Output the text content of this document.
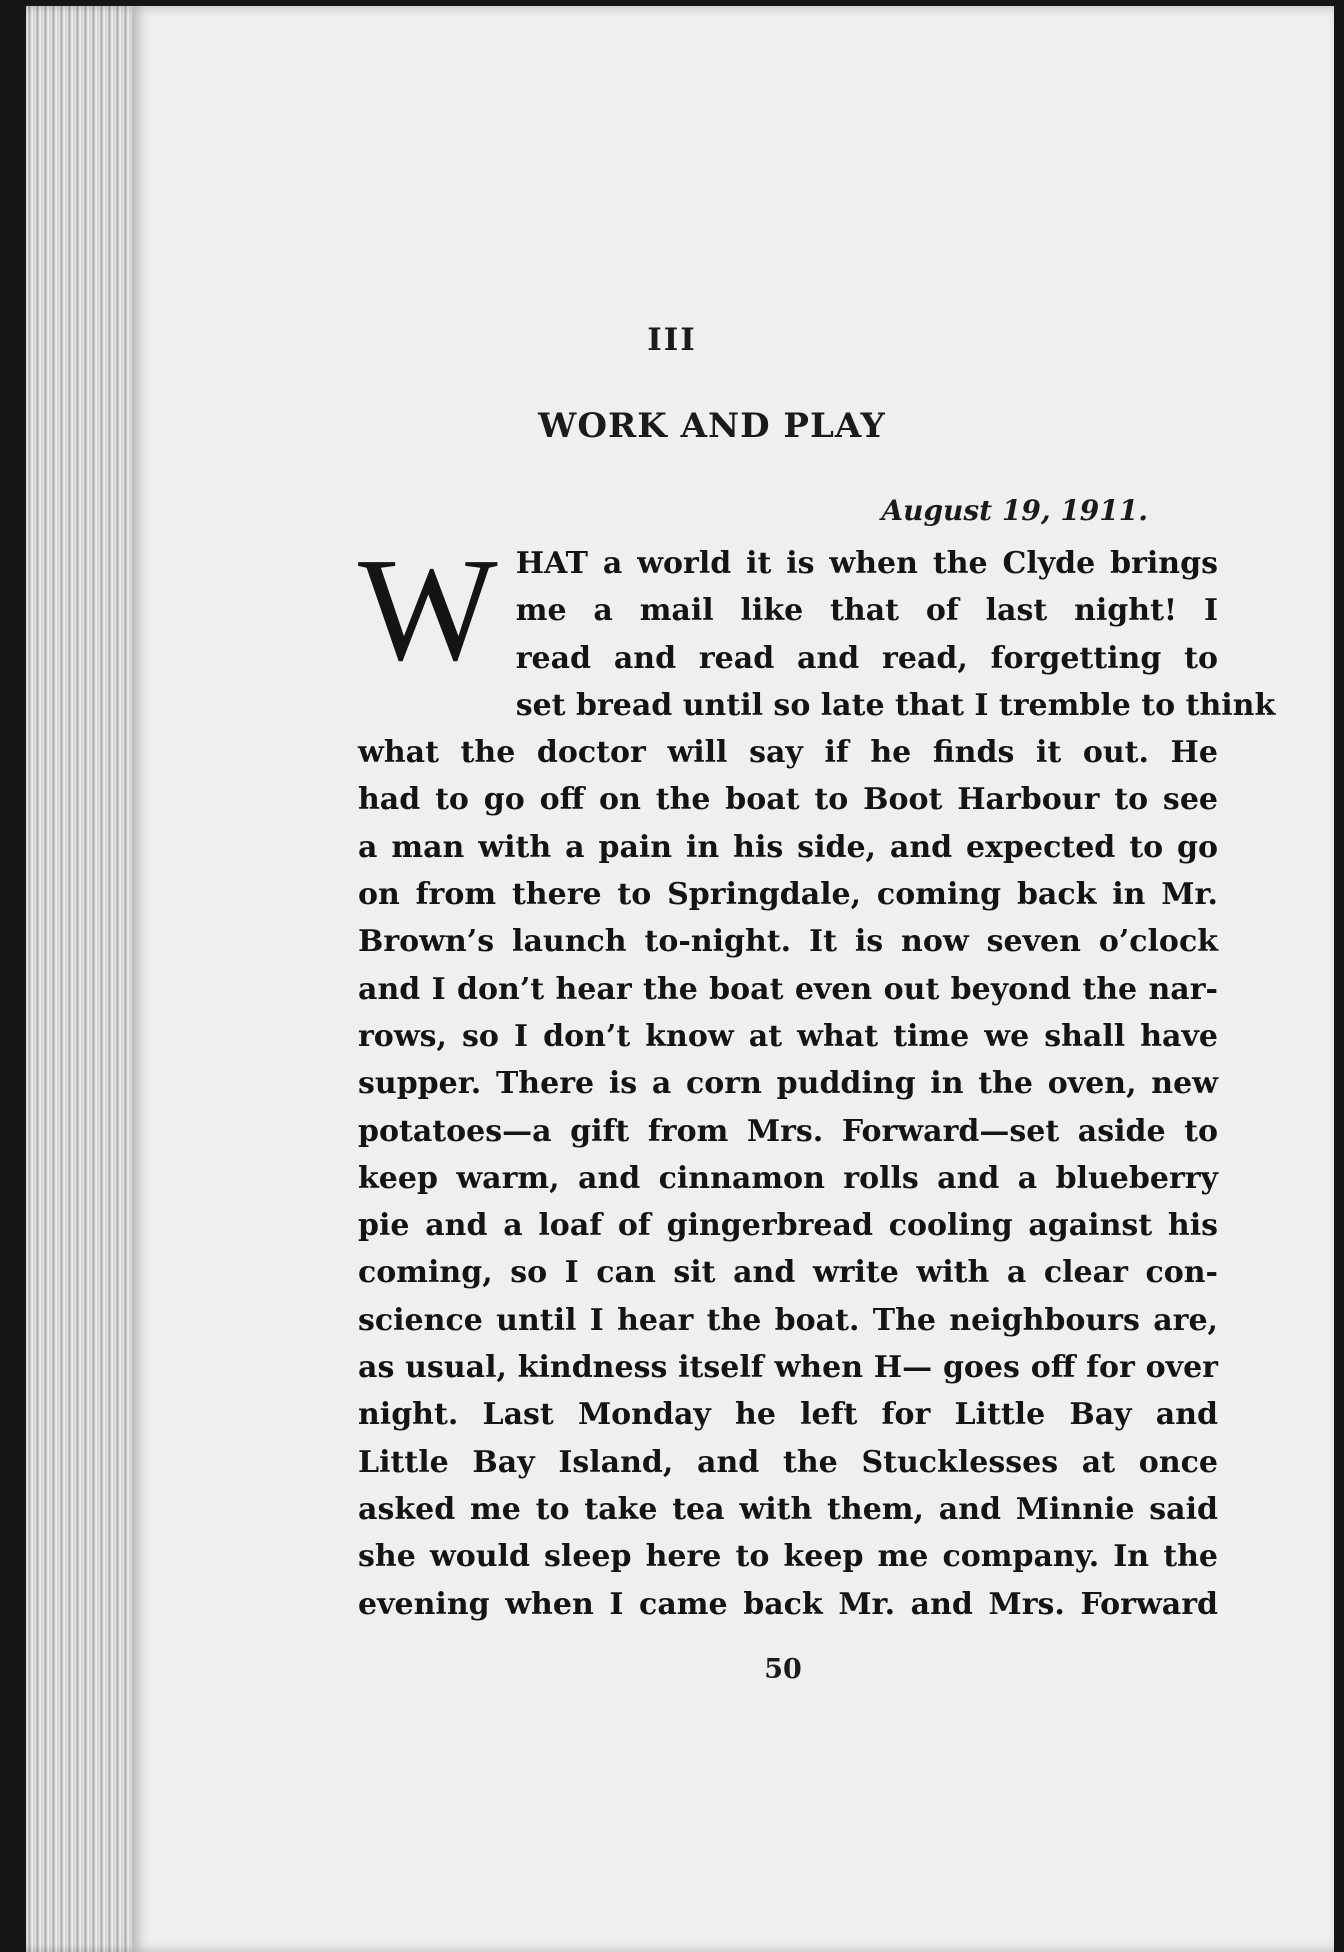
III
WORK AND PLAY
August 19, 1911.
W HAT a world it is when the Clyde brings
me a mail like that of last night! I
read and read and read, forgetting to
set bread until so late that I tremble to think
what the doctor will say if he finds it out. He
had to go off on the boat to Boot Harbour to see
a man with a pain in his side, and expected to go
on from there to Springdale, coming back in Mr.
Brown’s launch to-night. It is now seven o’clock
and I don’t hear the boat even out beyond the nar-
rows, so I don’t know at what time we shall have
supper. There is a corn pudding in the oven, new
potatoes—a gift from Mrs. Forward—set aside to
keep warm, and cinnamon rolls and a blueberry
pie and a loaf of gingerbread cooling against his
coming, so I can sit and write with a clear con-
science until I hear the boat. The neighbours are,
as usual, kindness itself when H— goes off for over
night. Last Monday he left for Little Bay and
Little Bay Island, and the Stucklesses at once
asked me to take tea with them, and Minnie said
she would sleep here to keep me company. In the
evening when I came back Mr. and Mrs. Forward
50
